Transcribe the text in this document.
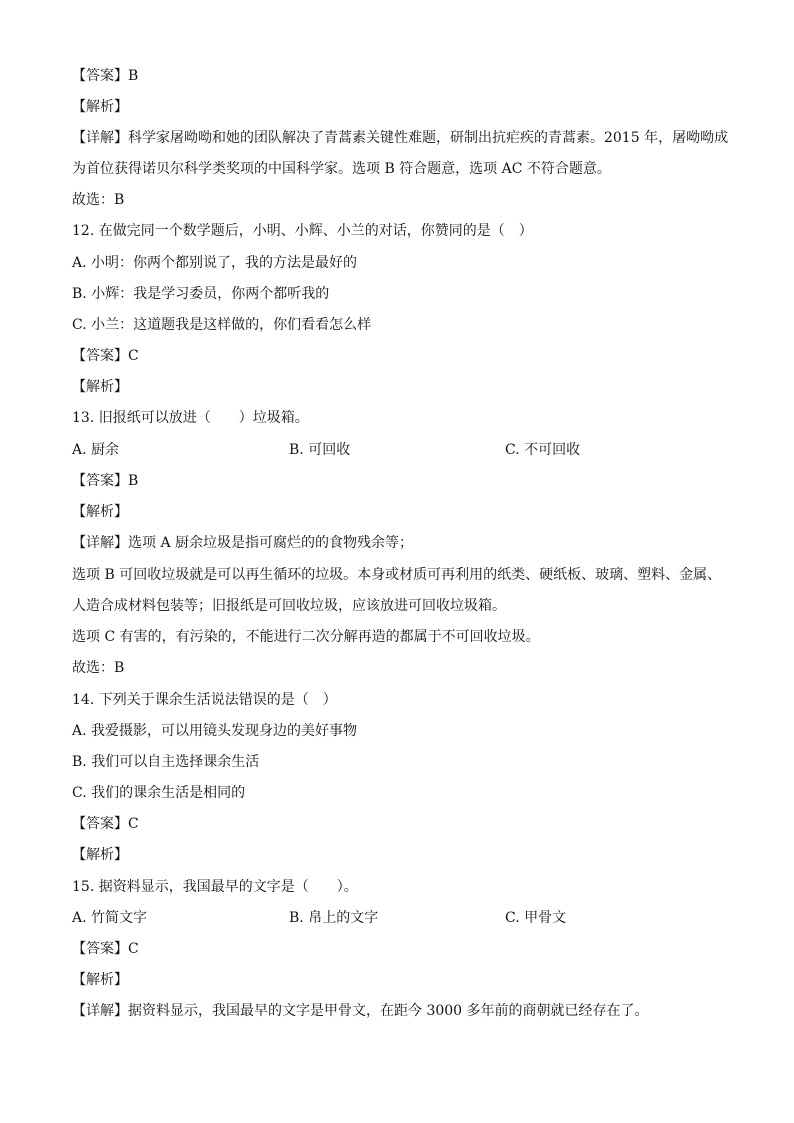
【答案】B
【解析】
【详解】科学家屠呦呦和她的团队解决了青蒿素关键性难题，研制出抗疟疾的青蒿素。2015 年，屠呦呦成
为首位获得诺贝尔科学类奖项的中国科学家。选项 B 符合题意，选项 AC 不符合题意。
故选：B
12. 在做完同一个数学题后，小明、小辉、小兰的对话，你赞同的是（　）
A. 小明：你两个都别说了，我的方法是最好的
B. 小辉：我是学习委员，你两个都听我的
C. 小兰：这道题我是这样做的，你们看看怎么样
【答案】C
【解析】
13. 旧报纸可以放进（　　）垃圾箱。
A. 厨余	B. 可回收	C. 不可回收
【答案】B
【解析】
【详解】选项 A 厨余垃圾是指可腐烂的的食物残余等；
选项 B 可回收垃圾就是可以再生循环的垃圾。本身或材质可再利用的纸类、硬纸板、玻璃、塑料、金属、
人造合成材料包装等；旧报纸是可回收垃圾，应该放进可回收垃圾箱。
选项 C 有害的，有污染的，不能进行二次分解再造的都属于不可回收垃圾。
故选：B
14. 下列关于课余生活说法错误的是（　）
A. 我爱摄影，可以用镜头发现身边的美好事物
B. 我们可以自主选择课余生活
C. 我们的课余生活是相同的
【答案】C
【解析】
15. 据资料显示，我国最早的文字是（　　）。
A. 竹简文字	B. 帛上的文字	C. 甲骨文
【答案】C
【解析】
【详解】据资料显示，我国最早的文字是甲骨文，在距今 3000 多年前的商朝就已经存在了。
